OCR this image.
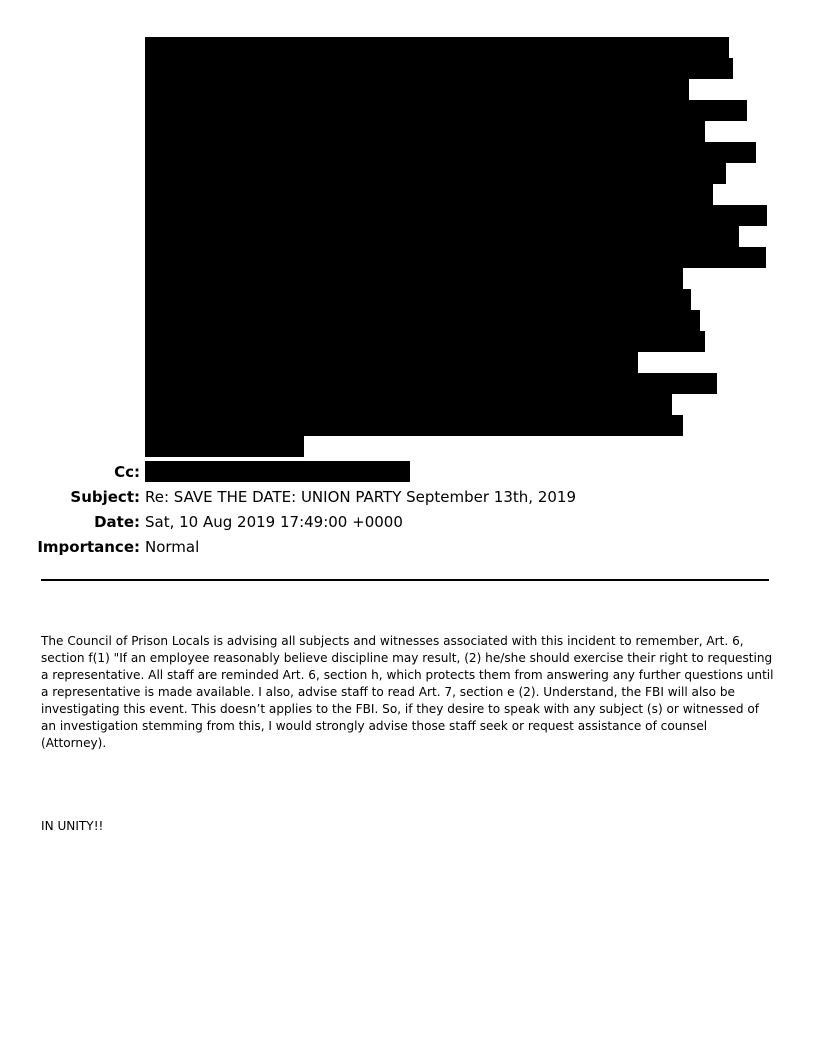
Cc:
Subject: Re: SAVE THE DATE: UNION PARTY September 13th, 2019
Date: Sat, 10 Aug 2019 17:49:00 +0000
Importance: Normal

The Council of Prison Locals is advising all subjects and witnesses associated with this incident to remember, Art. 6, section f(1) "If an employee reasonably believe discipline may result, (2) he/she should exercise their right to requesting a representative. All staff are reminded Art. 6, section h, which protects them from answering any further questions until a representative is made available. I also, advise staff to read Art. 7, section e (2). Understand, the FBI will also be investigating this event. This doesn’t applies to the FBI. So, if they desire to speak with any subject (s) or witnessed of an investigation stemming from this, I would strongly advise those staff seek or request assistance of counsel (Attorney).

IN UNITY!!
